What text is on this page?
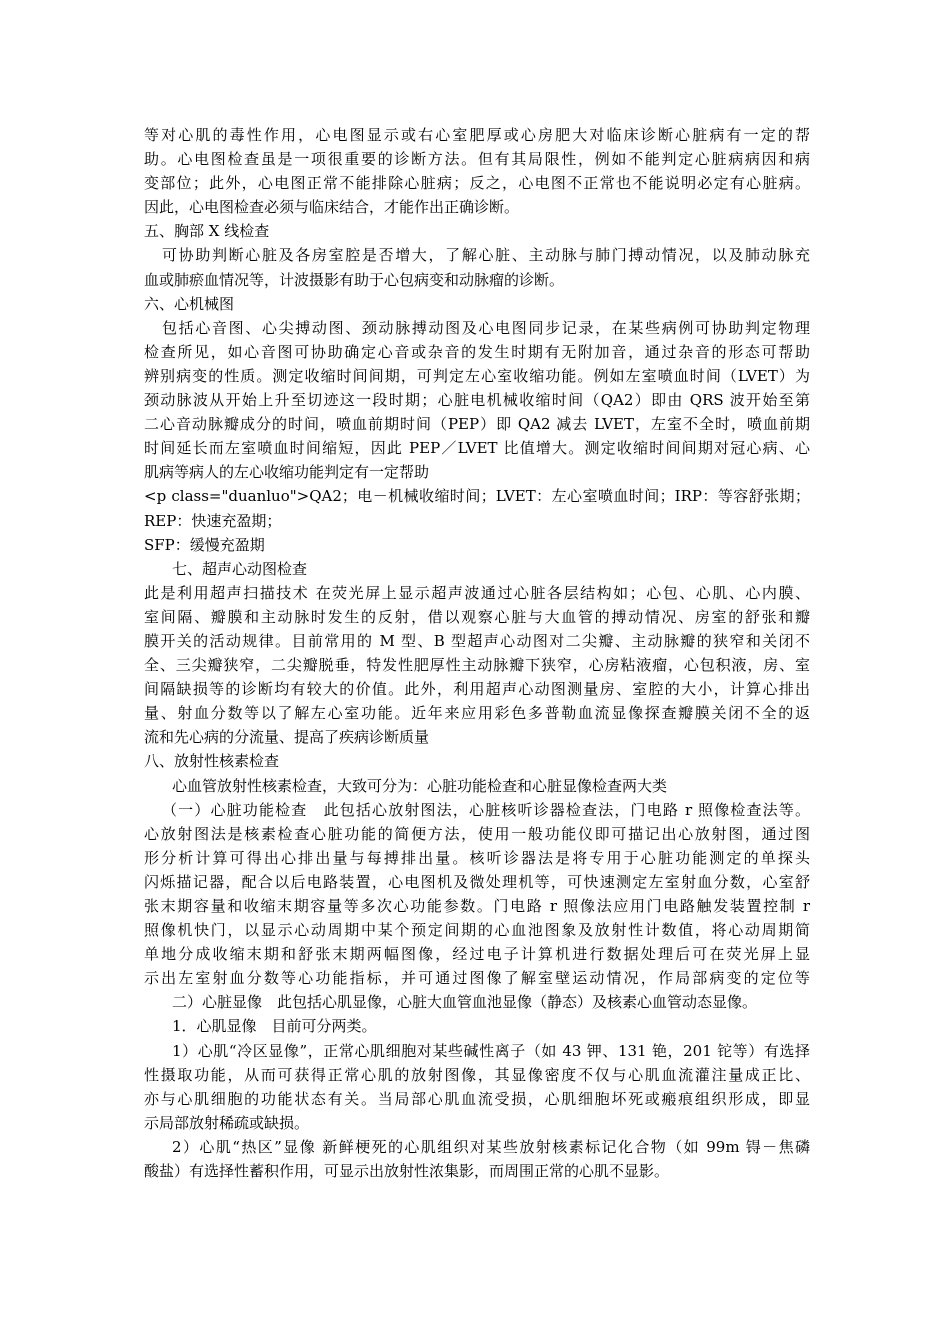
等对心肌的毒性作用，心电图显示或右心室肥厚或心房肥大对临床诊断心脏病有一定的帮
助。心电图检查虽是一项很重要的诊断方法。但有其局限性，例如不能判定心脏病病因和病
变部位；此外，心电图正常不能排除心脏病；反之，心电图不正常也不能说明必定有心脏病。
因此，心电图检查必须与临床结合，才能作出正确诊断。
五、胸部 X 线检查
可协助判断心脏及各房室腔是否增大，了解心脏、主动脉与肺门搏动情况，以及肺动脉充
血或肺瘀血情况等，计波摄影有助于心包病变和动脉瘤的诊断。
六、心机械图
包括心音图、心尖搏动图、颈动脉搏动图及心电图同步记录，在某些病例可协助判定物理
检查所见，如心音图可协助确定心音或杂音的发生时期有无附加音，通过杂音的形态可帮助
辨别病变的性质。测定收缩时间间期，可判定左心室收缩功能。例如左室喷血时间（LVET）为
颈动脉波从开始上升至切迹这一段时期；心脏电机械收缩时间（QA2）即由 QRS 波开始至第
二心音动脉瓣成分的时间，喷血前期时间（PEP）即 QA2 减去 LVET，左室不全时，喷血前期
时间延长而左室喷血时间缩短，因此 PEP／LVET 比值增大。测定收缩时间间期对冠心病、心
肌病等病人的左心收缩功能判定有一定帮助
<p class="duanluo">QA2；电－机械收缩时间；LVET：左心室喷血时间；IRP：等容舒张期；
REP：快速充盈期；
SFP：缓慢充盈期
七、超声心动图检查
此是利用超声扫描技术 在荧光屏上显示超声波通过心脏各层结构如；心包、心肌、心内膜、
室间隔、瓣膜和主动脉时发生的反射，借以观察心脏与大血管的搏动情况、房室的舒张和瓣
膜开关的活动规律。目前常用的 M 型、B 型超声心动图对二尖瓣、主动脉瓣的狭窄和关闭不
全、三尖瓣狭窄，二尖瓣脱垂，特发性肥厚性主动脉瓣下狭窄，心房粘液瘤，心包积液，房、室
间隔缺损等的诊断均有较大的价值。此外，利用超声心动图测量房、室腔的大小，计算心排出
量、射血分数等以了解左心室功能。近年来应用彩色多普勒血流显像探查瓣膜关闭不全的返
流和先心病的分流量、提高了疾病诊断质量
八、放射性核素检查
心血管放射性核素检查，大致可分为：心脏功能检查和心脏显像检查两大类
（一）心脏功能检查　此包括心放射图法，心脏核听诊器检查法，门电路 r 照像检查法等。
心放射图法是核素检查心脏功能的简便方法，使用一般功能仪即可描记出心放射图，通过图
形分析计算可得出心排出量与每搏排出量。核听诊器法是将专用于心脏功能测定的单探头
闪烁描记器，配合以后电路装置，心电图机及微处理机等，可快速测定左室射血分数，心室舒
张末期容量和收缩末期容量等多次心功能参数。门电路 r 照像法应用门电路触发装置控制 r
照像机快门，以显示心动周期中某个预定间期的心血池图象及放射性计数值，将心动周期简
单地分成收缩末期和舒张末期两幅图像，经过电子计算机进行数据处理后可在荧光屏上显
示出左室射血分数等心功能指标，并可通过图像了解室壁运动情况，作局部病变的定位等
二）心脏显像　此包括心肌显像，心脏大血管血池显像（静态）及核素心血管动态显像。
1．心肌显像　目前可分两类。
1）心肌“冷区显像”，正常心肌细胞对某些碱性离子（如 43 钾、131 铯，201 铊等）有选择
性摄取功能，从而可获得正常心肌的放射图像，其显像密度不仅与心肌血流灌注量成正比、
亦与心肌细胞的功能状态有关。当局部心肌血流受损，心肌细胞坏死或瘢痕组织形成，即显
示局部放射稀疏或缺损。
2）心肌“热区”显像 新鲜梗死的心肌组织对某些放射核素标记化合物（如 99m 锝－焦磷
酸盐）有选择性蓄积作用，可显示出放射性浓集影，而周围正常的心肌不显影。
